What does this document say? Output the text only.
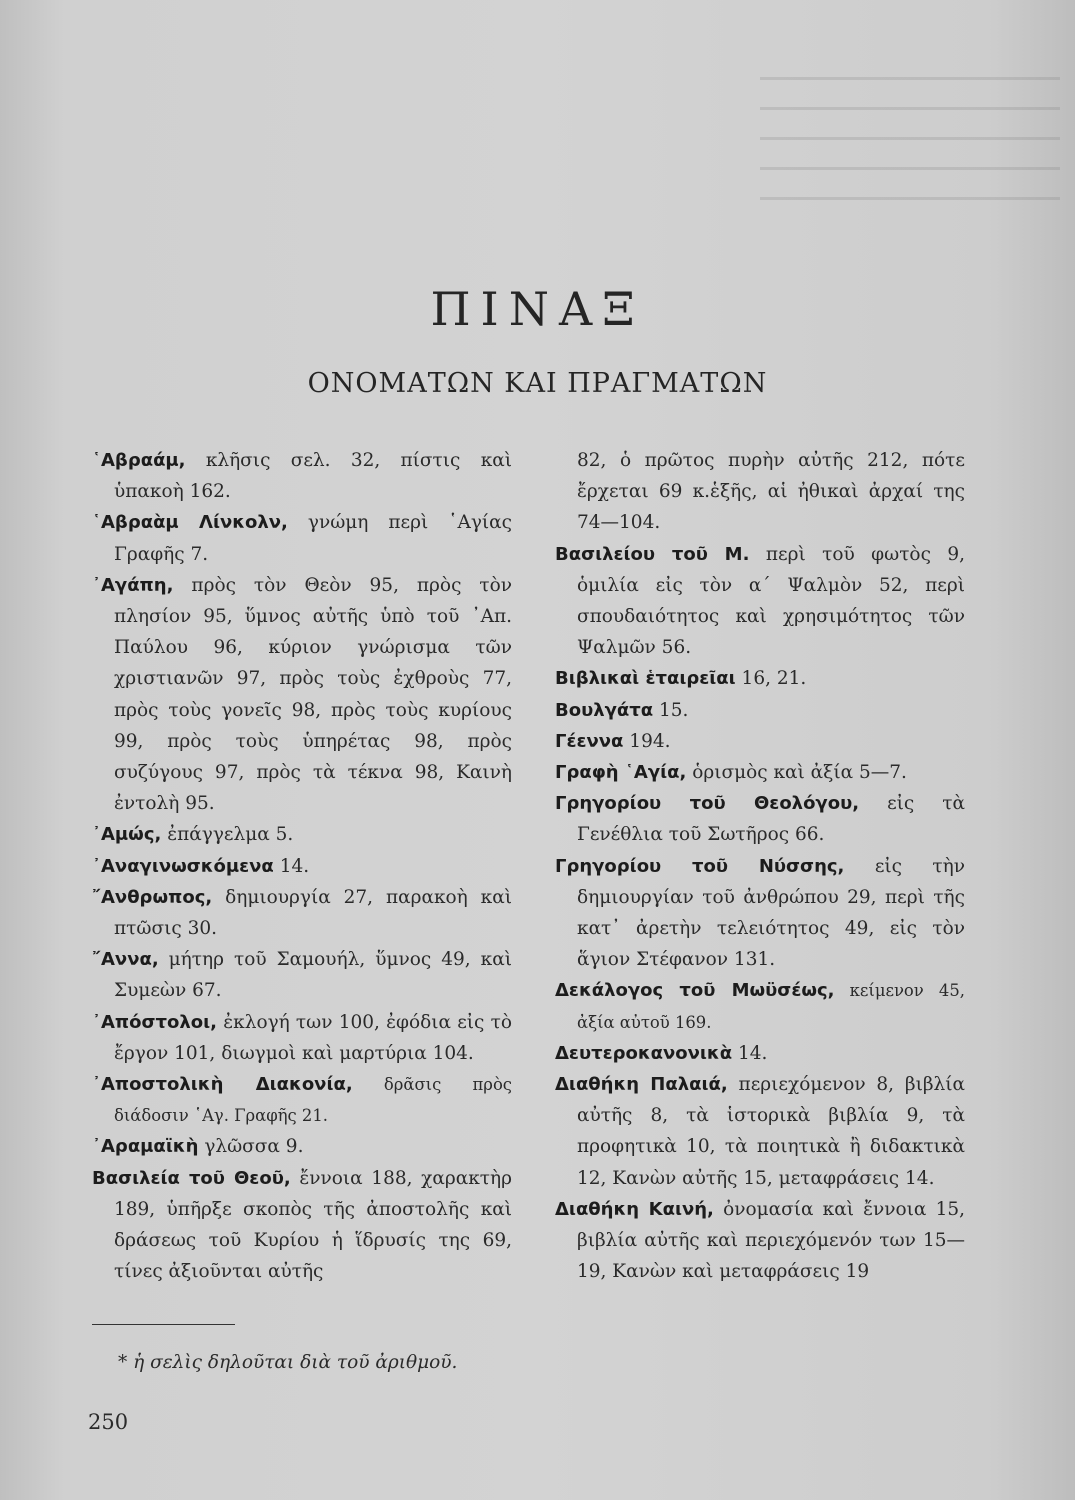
ΠΙΝΑΞ
ΟΝΟΜΑΤΩΝ ΚΑΙ ΠΡΑΓΜΑΤΩΝ

῾Αβραάμ, κλῆσις σελ. 32, πίστις καὶ ὑπακοὴ 162.

῾Αβραὰμ Λίνκολν, γνώμη περὶ ῾Αγίας Γραφῆς 7.

᾿Αγάπη, πρὸς τὸν Θεὸν 95, πρὸς τὸν πλησίον 95, ὕμνος αὐτῆς ὑπὸ τοῦ ᾿Απ. Παύλου 96, κύριον γνώρισμα τῶν χριστιανῶν 97, πρὸς τοὺς ἐχθροὺς 77, πρὸς τοὺς γονεῖς 98, πρὸς τοὺς κυρίους 99, πρὸς τοὺς ὑπηρέτας 98, πρὸς συζύγους 97, πρὸς τὰ τέκνα 98, Καινὴ ἐντολὴ 95.

᾿Αμώς, ἐπάγγελμα 5.

᾿Αναγινωσκόμενα 14.

῎Ανθρωπος, δημιουργία 27, παρακοὴ καὶ πτῶσις 30.

῎Αννα, μήτηρ τοῦ Σαμουήλ, ὕμνος 49, καὶ Συμεὼν 67.

᾿Απόστολοι, ἐκλογή των 100, ἐφόδια εἰς τὸ ἔργον 101, διωγμοὶ καὶ μαρτύρια 104.

᾿Αποστολικὴ Διακονία, δρᾶσις πρὸς διάδοσιν ῾Αγ. Γραφῆς 21.

᾿Αραμαϊκὴ γλῶσσα 9.

Βασιλεία τοῦ Θεοῦ, ἔννοια 188, χαρακτὴρ 189, ὑπῆρξε σκοπὸς τῆς ἀποστολῆς καὶ δράσεως τοῦ Κυρίου ἡ ἵδρυσίς της 69, τίνες ἀξιοῦνται αὐτῆς

82, ὁ πρῶτος πυρὴν αὐτῆς 212, πότε ἔρχεται 69 κ.ἑξῆς, αἱ ἠθικαὶ ἀρχαί της 74—104.

Βασιλείου τοῦ Μ. περὶ τοῦ φωτὸς 9, ὁμιλία εἰς τὸν α΄ Ψαλμὸν 52, περὶ σπουδαιότητος καὶ χρησιμότητος τῶν Ψαλμῶν 56.

Βιβλικαὶ ἑταιρεῖαι 16, 21.

Βουλγάτα 15.

Γέεννα 194.

Γραφὴ ῾Αγία, ὁρισμὸς καὶ ἀξία 5—7.

Γρηγορίου τοῦ Θεολόγου, εἰς τὰ Γενέθλια τοῦ Σωτῆρος 66.

Γρηγορίου τοῦ Νύσσης, εἰς τὴν δημιουργίαν τοῦ ἀνθρώπου 29, περὶ τῆς κατ᾿ ἀρετὴν τελειότητος 49, εἰς τὸν ἅγιον Στέφανον 131.

Δεκάλογος τοῦ Μωϋσέως, κείμενον 45, ἀξία αὐτοῦ 169.

Δευτεροκανονικὰ 14.

Διαθήκη Παλαιά, περιεχόμενον 8, βιβλία αὐτῆς 8, τὰ ἱστορικὰ βιβλία 9, τὰ προφητικὰ 10, τὰ ποιητικὰ ἢ διδακτικὰ 12, Κανὼν αὐτῆς 15, μεταφράσεις 14.

Διαθήκη Καινή, ὀνομασία καὶ ἔννοια 15, βιβλία αὐτῆς καὶ περιεχόμενόν των 15—19, Κανὼν καὶ μεταφράσεις 19

* ἡ σελὶς δηλοῦται διὰ τοῦ ἀριθμοῦ.
250
